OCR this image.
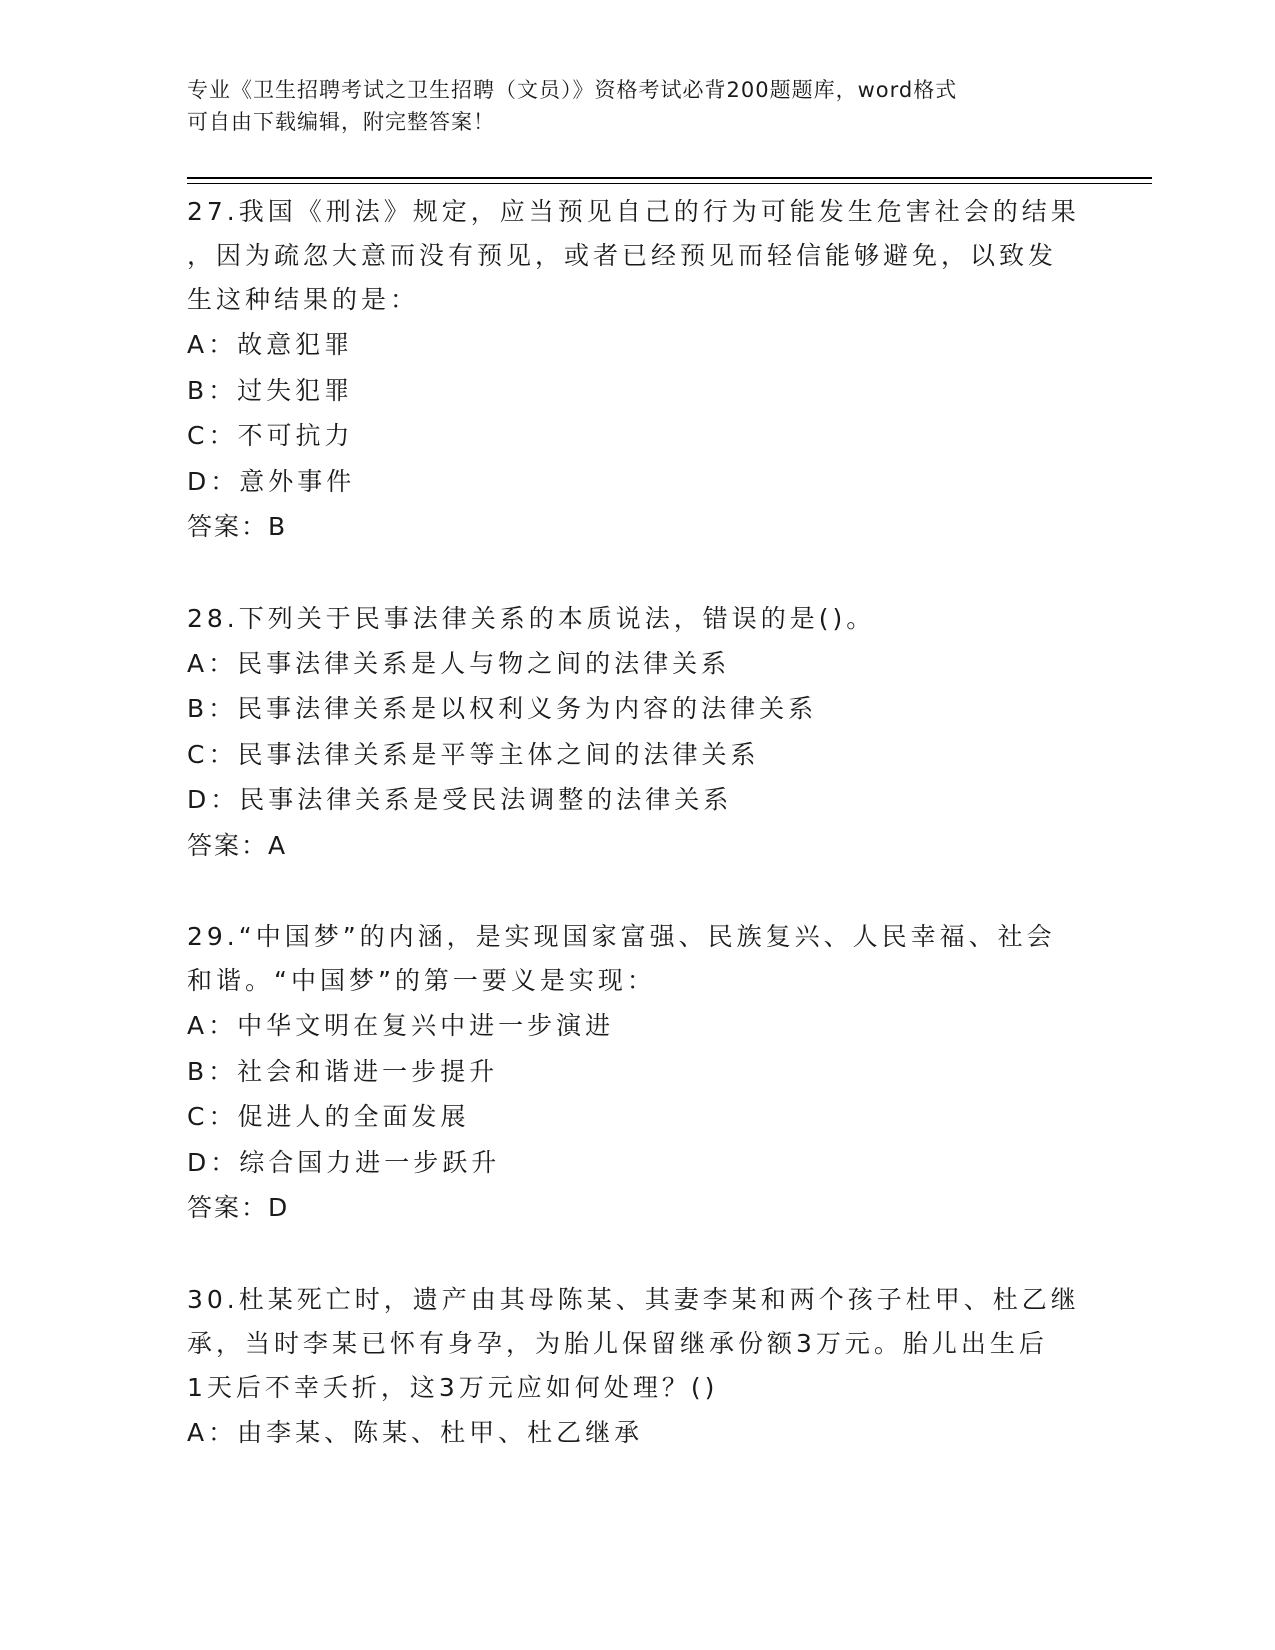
专业《卫生招聘考试之卫生招聘（文员）》资格考试必背200题题库，word格式
可自由下载编辑，附完整答案！
27.我国《刑法》规定，应当预见自己的行为可能发生危害社会的结果
，因为疏忽大意而没有预见，或者已经预见而轻信能够避免，以致发
生这种结果的是：
A：故意犯罪
B：过失犯罪
C：不可抗力
D：意外事件
答案：B
28.下列关于民事法律关系的本质说法，错误的是()。
A：民事法律关系是人与物之间的法律关系
B：民事法律关系是以权利义务为内容的法律关系
C：民事法律关系是平等主体之间的法律关系
D：民事法律关系是受民法调整的法律关系
答案：A
29.“中国梦”的内涵，是实现国家富强、民族复兴、人民幸福、社会
和谐。“中国梦”的第一要义是实现：
A：中华文明在复兴中进一步演进
B：社会和谐进一步提升
C：促进人的全面发展
D：综合国力进一步跃升
答案：D
30.杜某死亡时，遗产由其母陈某、其妻李某和两个孩子杜甲、杜乙继
承，当时李某已怀有身孕，为胎儿保留继承份额3万元。胎儿出生后
1天后不幸夭折，这3万元应如何处理？()
A：由李某、陈某、杜甲、杜乙继承
